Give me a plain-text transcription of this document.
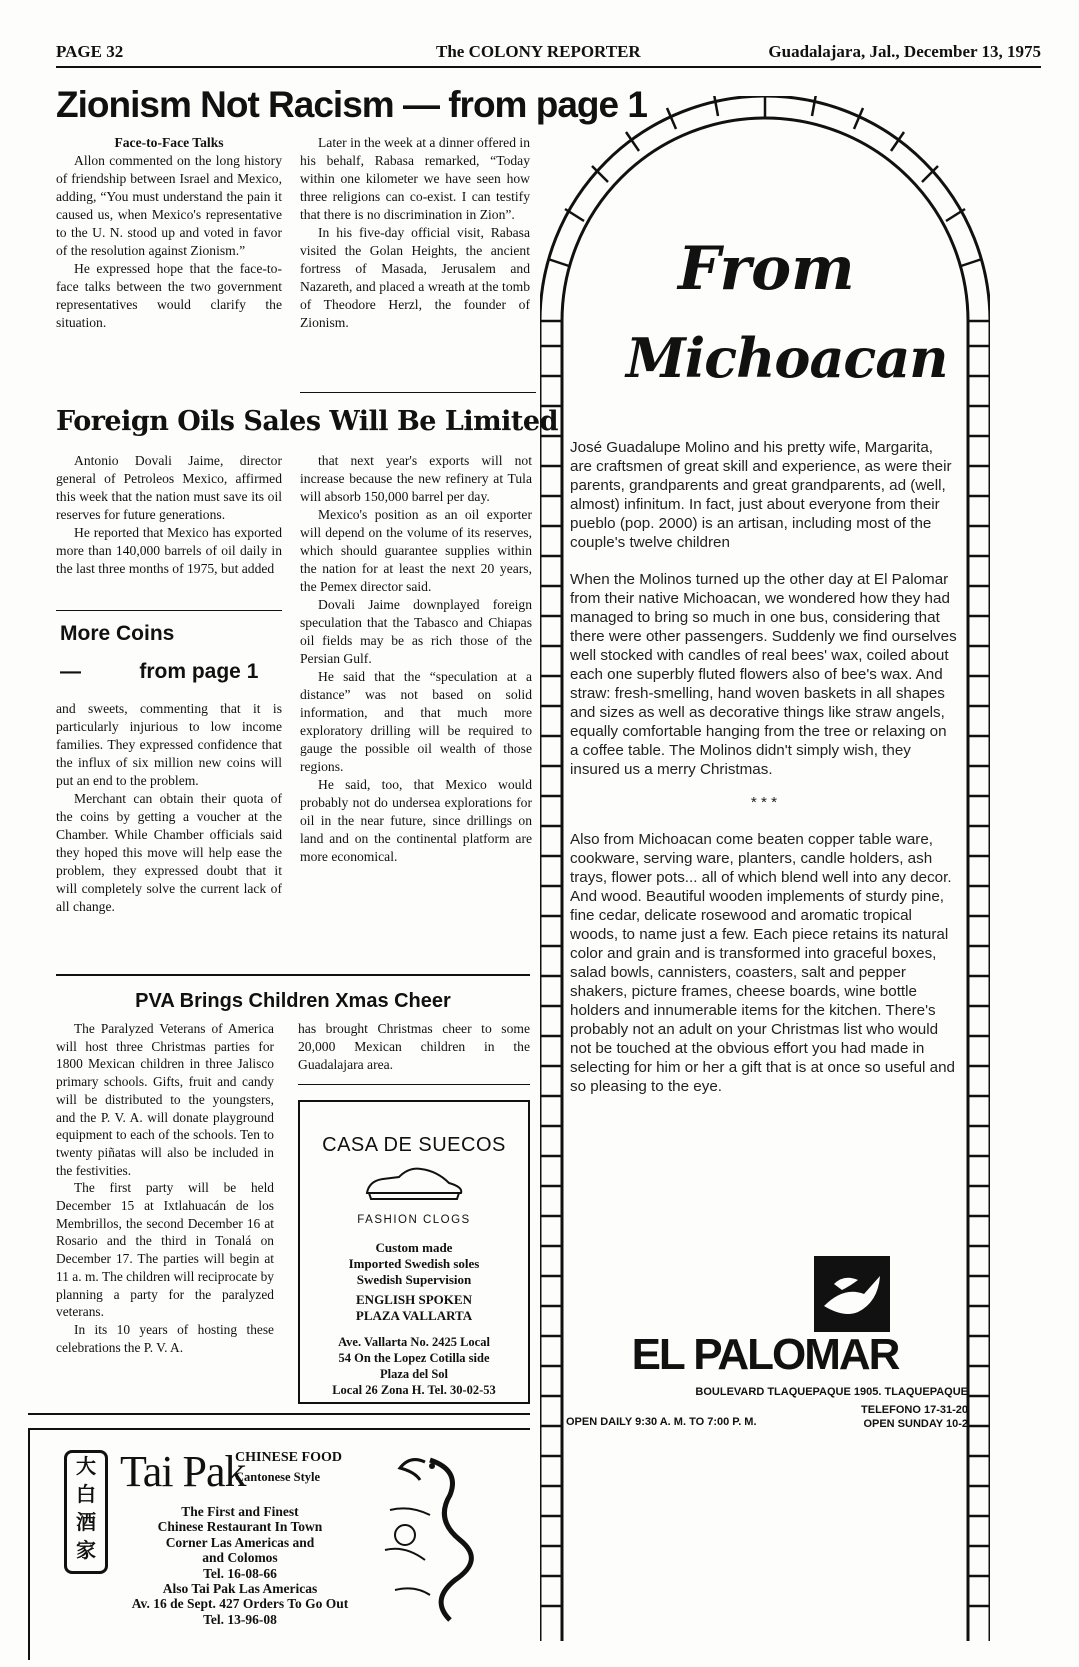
PAGE 32	The COLONY REPORTER	Guadalajara, Jal., December 13, 1975
Zionism Not Racism — from page 1

Face-to-Face Talks

Allon commented on the long history of friendship between Israel and Mexico, adding, “You must understand the pain it caused us, when Mexico's representative to the U. N. stood up and voted in favor of the resolution against Zionism.”

He expressed hope that the face-to-face talks between the two government representatives would clarify the situation.

Later in the week at a dinner offered in his behalf, Rabasa remarked, “Today within one kilometer we have seen how three religions can co-exist. I can testify that there is no discrimination in Zion”.

In his five-day official visit, Rabasa visited the Golan Heights, the ancient fortress of Masada, Jerusalem and Nazareth, and placed a wreath at the tomb of Theodore Herzl, the founder of Zionism.

Foreign Oils Sales Will Be Limited

Antonio Dovali Jaime, director general of Petroleos Mexico, affirmed this week that the nation must save its oil reserves for future generations.

He reported that Mexico has exported more than 140,000 barrels of oil daily in the last three months of 1975, but added

that next year's exports will not increase because the new refinery at Tula will absorb 150,000 barrel per day.

Mexico's position as an oil exporter will depend on the volume of its reserves, which should guarantee supplies within the nation for at least the next 20 years, the Pemex director said.

Dovali Jaime downplayed foreign speculation that the Tabasco and Chiapas oil fields may be as rich those of the Persian Gulf.

He said that the “speculation at a distance” was not based on solid information, and that much more exploratory drilling will be required to gauge the possible oil wealth of those regions.

He said, too, that Mexico would probably not do undersea explorations for oil in the near future, since drillings on land and on the continental platform are more economical.

More Coins
—          from page 1

and sweets, commenting that it is particularly injurious to low income families. They expressed confidence that the influx of six million new coins will put an end to the problem.

Merchant can obtain their quota of the coins by getting a voucher at the Chamber. While Chamber officials said they hoped this move will help ease the problem, they expressed doubt that it will completely solve the current lack of all change.

PVA Brings Children Xmas Cheer

The Paralyzed Veterans of America will host three Christmas parties for 1800 Mexican children in three Jalisco primary schools. Gifts, fruit and candy will be distributed to the youngsters, and the P. V. A. will donate playground equipment to each of the schools. Ten to twenty piñatas will also be included in the festivities.

The first party will be held December 15 at Ixtlahuacán de los Membrillos, the second December 16 at Rosario and the third in Tonalá on December 17. The parties will begin at 11 a. m. The children will reciprocate by planning a party for the paralyzed veterans.

In its 10 years of hosting these celebrations the P. V. A.

has brought Christmas cheer to some 20,000 Mexican children in the Guadalajara area.

CASA DE SUECOS
FASHION CLOGS
Custom made
Imported Swedish soles
Swedish Supervision
ENGLISH SPOKEN
PLAZA VALLARTA
Ave. Vallarta No. 2425 Local
54 On the Lopez Cotilla side
Plaza del Sol
Local 26 Zona H. Tel. 30-02-53
大白酒家
Tai Pak
CHINESE FOOD
Cantonese Style
The First and Finest
Chinese Restaurant In Town
Corner Las Americas and
and Colomos
Tel. 16-08-66
Also Tai Pak Las Americas
Av. 16 de Sept. 427 Orders To Go Out
Tel. 13-96-08
From
Michoacan

José Guadalupe Molino and his pretty wife, Margarita, are craftsmen of great skill and experience, as were their parents, grandparents and great grandparents, ad (well, almost) infinitum. In fact, just about everyone from their pueblo (pop. 2000) is an artisan, including most of the couple's twelve children

When the Molinos turned up the other day at El Palomar from their native Michoacan, we wondered how they had managed to bring so much in one bus, considering that there were other passengers. Suddenly we find ourselves well stocked with candles of real bees' wax, coiled about each one superbly fluted flowers also of bee's wax. And straw: fresh-smelling, hand woven baskets in all shapes and sizes as well as decorative things like straw angels, equally comfortable hanging from the tree or relaxing on a coffee table. The Molinos didn't simply wish, they insured us a merry Christmas.

* * *

Also from Michoacan come beaten copper table ware, cookware, serving ware, planters, candle holders, ash trays, flower pots... all of which blend well into any decor. And wood. Beautiful wooden implements of sturdy pine, fine cedar, delicate rosewood and aromatic tropical woods, to name just a few. Each piece retains its natural color and grain and is transformed into graceful boxes, salad bowls, cannisters, coasters, salt and pepper shakers, picture frames, cheese boards, wine bottle holders and innumerable items for the kitchen. There's probably not an adult on your Christmas list who would not be touched at the obvious effort you had made in selecting for him or her a gift that is at once so useful and so pleasing to the eye.

EL PALOMAR
BOULEVARD TLAQUEPAQUE 1905. TLAQUEPAQUE
TELEFONO 17-31-20
OPEN DAILY 9:30 A. M. TO 7:00 P. M.	OPEN SUNDAY 10-2
